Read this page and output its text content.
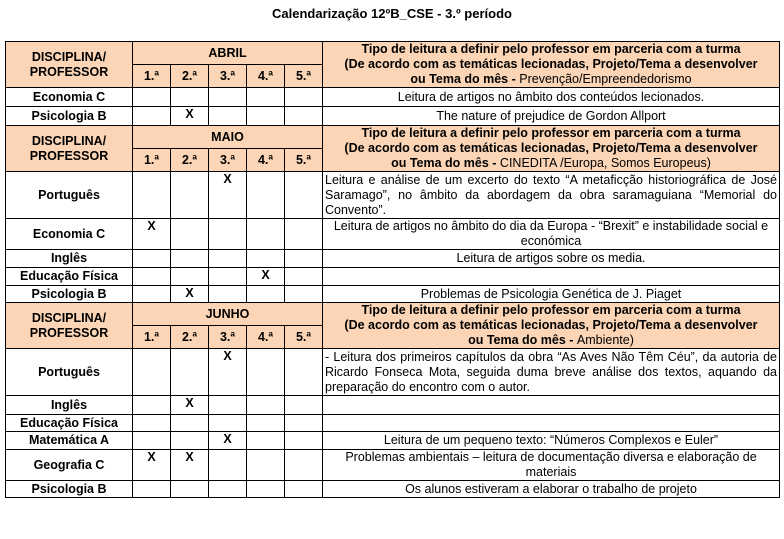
Calendarização 12ºB_CSE - 3.º período
DISCIPLINA/
PROFESSOR	ABRIL					Tipo de leitura a definir pelo professor em parceria com a turma
(De acordo com as temáticas lecionadas, Projeto/Tema a desenvolver
ou Tema do mês - Prevenção/Empreendedorismo

	1.ª	2.ª	3.ª	4.ª	5.ª	
Economia C						Leitura de artigos no âmbito dos conteúdos lecionados.
Psicologia B		X				The nature of prejudice de Gordon Allport

DISCIPLINA/
PROFESSOR	MAIO					Tipo de leitura a definir pelo professor em parceria com a turma
(De acordo com as temáticas lecionadas, Projeto/Tema a desenvolver
ou Tema do mês - CINEDITA /Europa, Somos Europeus)

	1.ª	2.ª	3.ª	4.ª	5.ª	
Português			X			Leitura e análise de um excerto do texto “A metaficção historiográfica de José Saramago”, no âmbito da abordagem da obra saramaguiana “Memorial do Convento”.
Economia C	X					Leitura de artigos no âmbito do dia da Europa - “Brexit” e instabilidade social e económica
Inglês						Leitura de artigos sobre os media.
Educação Física				X		
Psicologia B		X				Problemas de Psicologia Genética de J. Piaget

DISCIPLINA/
PROFESSOR	JUNHO					Tipo de leitura a definir pelo professor em parceria com a turma
(De acordo com as temáticas lecionadas, Projeto/Tema a desenvolver
ou Tema do mês - Ambiente)

	1.ª	2.ª	3.ª	4.ª	5.ª	
Português			X			- Leitura dos primeiros capítulos da obra “As Aves Não Têm Céu”, da autoria de Ricardo Fonseca Mota, seguida duma breve análise dos textos, aquando da preparação do encontro com o autor.
Inglês		X				
Educação Física						
Matemática A			X			Leitura de um pequeno texto: “Números Complexos e Euler”
Geografia C	X	X				Problemas ambientais – leitura de documentação diversa e elaboração de materiais
Psicologia B						Os alunos estiveram a elaborar o trabalho de projeto
